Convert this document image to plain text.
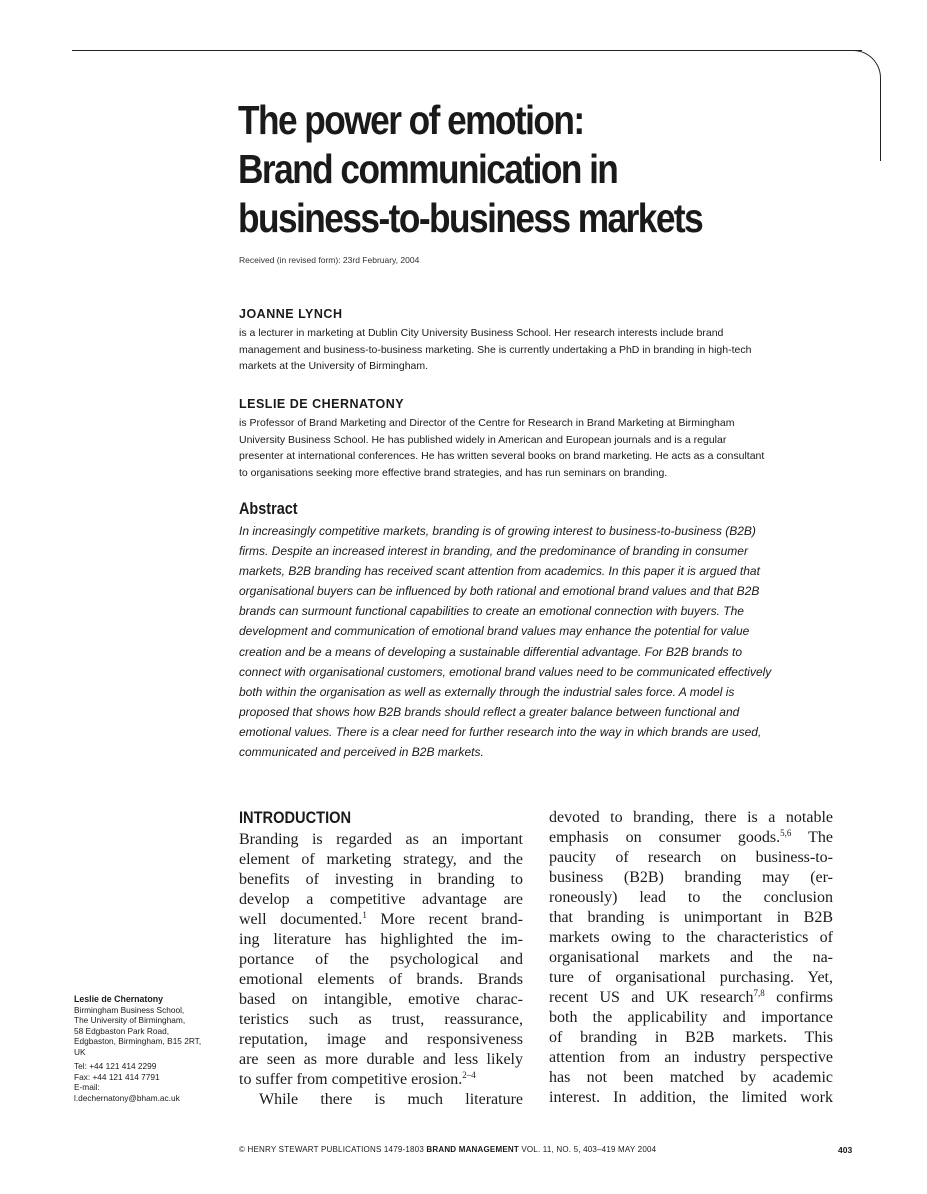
The power of emotion:
Brand communication in
business-to-business markets
Received (in revised form): 23rd February, 2004

JOANNE LYNCH

is a lecturer in marketing at Dublin City University Business School. Her research interests include brand
management and business-to-business marketing. She is currently undertaking a PhD in branding in high-tech
markets at the University of Birmingham.

LESLIE DE CHERNATONY

is Professor of Brand Marketing and Director of the Centre for Research in Brand Marketing at Birmingham
University Business School. He has published widely in American and European journals and is a regular
presenter at international conferences. He has written several books on brand marketing. He acts as a consultant
to organisations seeking more effective brand strategies, and has run seminars on branding.

Abstract

In increasingly competitive markets, branding is of growing interest to business-to-business (B2B)
firms. Despite an increased interest in branding, and the predominance of branding in consumer
markets, B2B branding has received scant attention from academics. In this paper it is argued that
organisational buyers can be influenced by both rational and emotional brand values and that B2B
brands can surmount functional capabilities to create an emotional connection with buyers. The
development and communication of emotional brand values may enhance the potential for value
creation and be a means of developing a sustainable differential advantage. For B2B brands to
connect with organisational customers, emotional brand values need to be communicated effectively
both within the organisation as well as externally through the industrial sales force. A model is
proposed that shows how B2B brands should reflect a greater balance between functional and
emotional values. There is a clear need for further research into the way in which brands are used,
communicated and perceived in B2B markets.

INTRODUCTION
Branding is regarded as an important
element of marketing strategy, and the
benefits of investing in branding to
develop a competitive advantage are
well documented.$^1$ More recent brand-
ing literature has highlighted the im-
portance of the psychological and
emotional elements of brands. Brands
based on intangible, emotive charac-
teristics such as trust, reassurance,
reputation, image and responsiveness
are seen as more durable and less likely
to suffer from competitive erosion.$^{2-4}$
While there is much literature
devoted to branding, there is a notable
emphasis on consumer goods.$^{5,6}$ The
paucity of research on business-to-
business (B2B) branding may (er-
roneously) lead to the conclusion
that branding is unimportant in B2B
markets owing to the characteristics of
organisational markets and the na-
ture of organisational purchasing. Yet,
recent US and UK research$^{7,8}$ confirms
both the applicability and importance
of branding in B2B markets. This
attention from an industry perspective
has not been matched by academic
interest. In addition, the limited work
Leslie de Chernatony
Birmingham Business School,
The University of Birmingham,
58 Edgbaston Park Road,
Edgbaston, Birmingham, B15 2RT,
UK
Tel: +44 121 414 2299
Fax: +44 121 414 7791
E-mail:
l.dechernatony@bham.ac.uk
© HENRY STEWART PUBLICATIONS 1479-1803 BRAND MANAGEMENT VOL. 11, NO. 5, 403–419 MAY 2004	403
